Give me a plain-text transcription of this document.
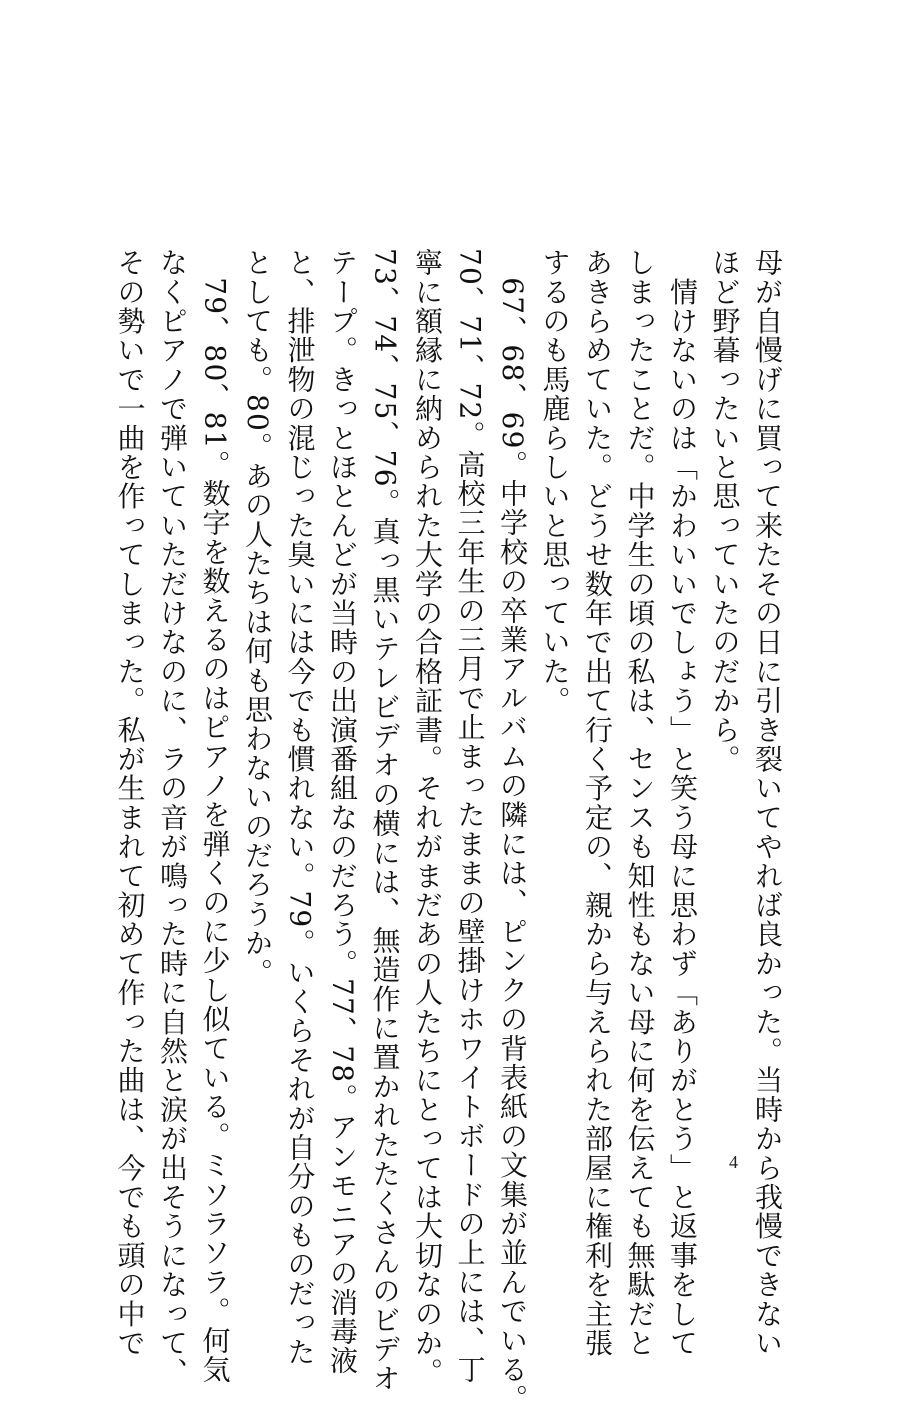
母が自慢げに買って来たその日に引き裂いてやれば良かった。当時から我慢できない
ほど野暮ったいと思っていたのだから。
　情けないのは「かわいいでしょう」と笑う母に思わず「ありがとう」と返事をして
しまったことだ。中学生の頃の私は、センスも知性もない母に何を伝えても無駄だと
あきらめていた。どうせ数年で出て行く予定の、親から与えられた部屋に権利を主張
するのも馬鹿らしいと思っていた。
　67、68、69。中学校の卒業アルバムの隣には、ピンクの背表紙の文集が並んでいる。
70、71、72。高校三年生の三月で止まったままの壁掛けホワイトボードの上には、丁
寧に額縁に納められた大学の合格証書。それがまだあの人たちにとっては大切なのか。
73、74、75、76。真っ黒いテレビデオの横には、無造作に置かれたたくさんのビデオ
テープ。きっとほとんどが当時の出演番組なのだろう。77、78。アンモニアの消毒液
と、排泄物の混じった臭いには今でも慣れない。79。いくらそれが自分のものだった
としても。80。あの人たちは何も思わないのだろうか。
　79、80、81。数字を数えるのはピアノを弾くのに少し似ている。ミソラソラ。何気
なくピアノで弾いていただけなのに、ラの音が鳴った時に自然と涙が出そうになって、
その勢いで一曲を作ってしまった。私が生まれて初めて作った曲は、今でも頭の中で	4
